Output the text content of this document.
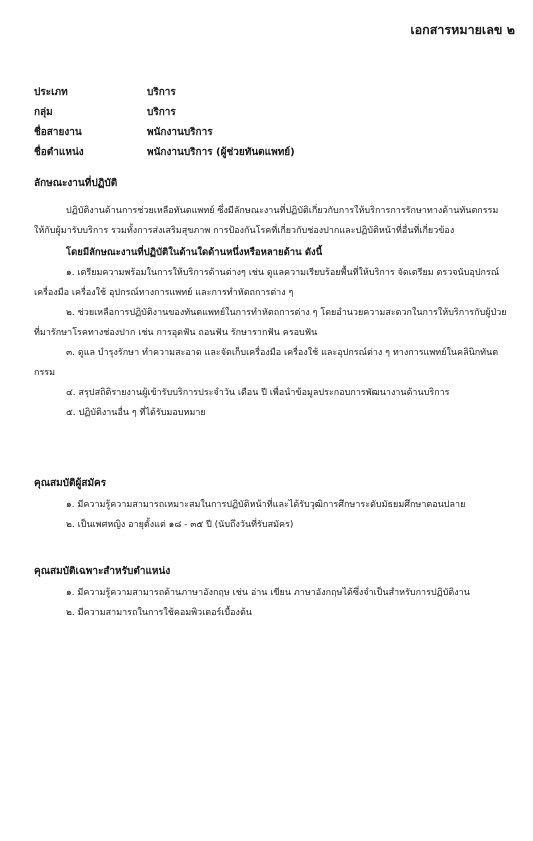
เอกสารหมายเลข ๒
ประเภท	บริการ
กลุ่ม	บริการ
ชื่อสายงาน	พนักงานบริการ
ชื่อตำแหน่ง	พนักงานบริการ (ผู้ช่วยทันตแพทย์)
ลักษณะงานที่ปฏิบัติ

ปฏิบัติงานด้านการช่วยเหลือทันตแพทย์ ซึ่งมีลักษณะงานที่ปฏิบัติเกี่ยวกับการให้บริการการรักษาทางด้านทันตกรรม ให้กับผู้มารับบริการ รวมทั้งการส่งเสริมสุขภาพ การป้องกันโรคที่เกี่ยวกับช่องปากและปฏิบัติหน้าที่อื่นที่เกี่ยวข้อง

โดยมีลักษณะงานที่ปฏิบัติในด้านใดด้านหนึ่งหรือหลายด้าน ดังนี้

๑. เตรียมความพร้อมในการให้บริการด้านต่างๆ เช่น ดูแลความเรียบร้อยพื้นที่ให้บริการ จัดเตรียม ตรวจนับอุปกรณ์ เครื่องมือ เครื่องใช้ อุปกรณ์ทางการแพทย์ และการทำหัตถการต่าง ๆ

๒. ช่วยเหลือการปฏิบัติงานของทันตแพทย์ในการทำหัตถการต่าง ๆ โดยอำนวยความสะดวกในการให้บริการกับผู้ป่วยที่มารักษาโรคทางช่องปาก เช่น การอุดฟัน ถอนฟัน รักษารากฟัน ครอบฟัน

๓. ดูแล บำรุงรักษา ทำความสะอาด และจัดเก็บเครื่องมือ เครื่องใช้ และอุปกรณ์ต่าง ๆ ทางการแพทย์ในคลินิกทันตกรรม

๔. สรุปสถิติรายงานผู้เข้ารับบริการประจำวัน เดือน ปี เพื่อนำข้อมูลประกอบการพัฒนางานด้านบริการ

๕. ปฏิบัติงานอื่น ๆ ที่ได้รับมอบหมาย

คุณสมบัติผู้สมัคร

๑. มีความรู้ความสามารถเหมาะสมในการปฏิบัติหน้าที่และได้รับวุฒิการศึกษาระดับมัธยมศึกษาตอนปลาย

๒. เป็นเพศหญิง อายุตั้งแต่ ๑๘ - ๓๕ ปี (นับถึงวันที่รับสมัคร)

คุณสมบัติเฉพาะสำหรับตำแหน่ง

๑. มีความรู้ความสามารถด้านภาษาอังกฤษ เช่น อ่าน เขียน ภาษาอังกฤษได้ซึ่งจำเป็นสำหรับการปฏิบัติงาน

๒. มีความสามารถในการใช้คอมพิวเตอร์เบื้องต้น
